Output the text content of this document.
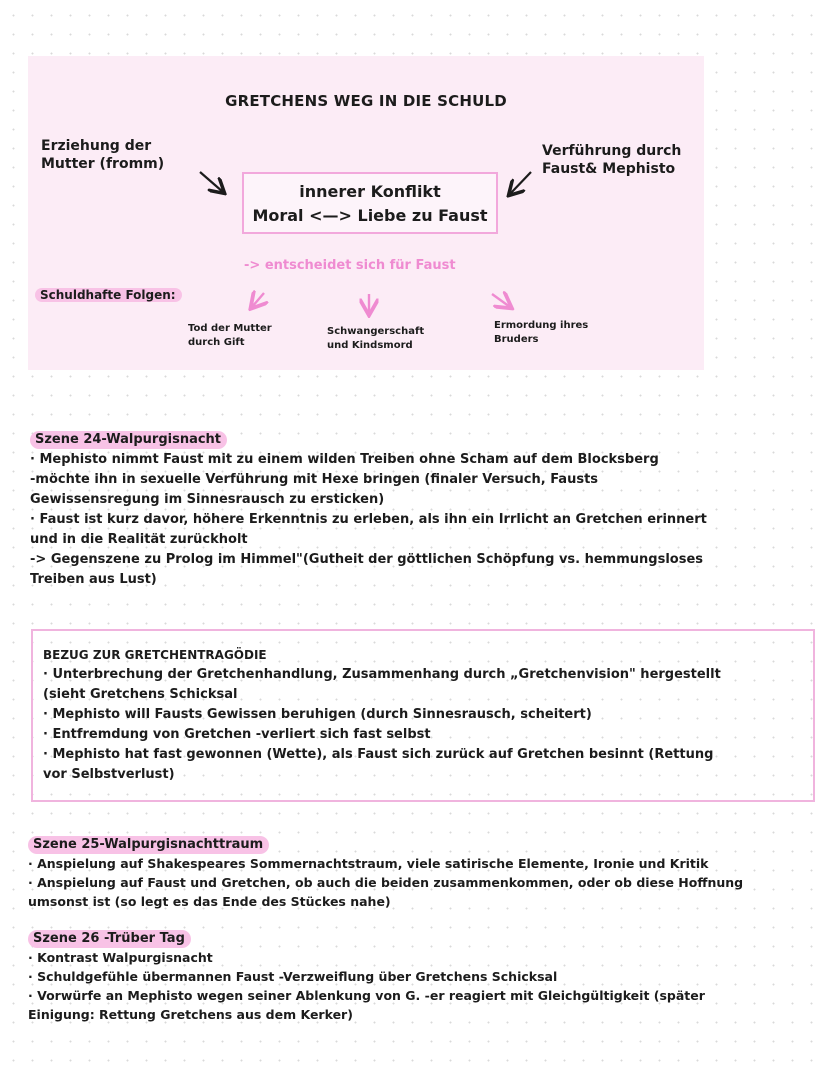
GRETCHENS WEG IN DIE SCHULD
Erziehung der
Mutter (fromm)
Verführung durch
Faust& Mephisto
innerer Konflikt
Moral <—> Liebe zu Faust
-> entscheidet sich für Faust
Schuldhafte Folgen:
Tod der Mutter
durch Gift
Schwangerschaft
und Kindsmord
Ermordung ihres
Bruders
Szene 24-Walpurgisnacht

· Mephisto nimmt Faust mit zu einem wilden Treiben ohne Scham auf dem Blocksberg

-möchte ihn in sexuelle Verführung mit Hexe bringen (finaler Versuch, Fausts

Gewissensregung im Sinnesrausch zu ersticken)

· Faust ist kurz davor, höhere Erkenntnis zu erleben, als ihn ein Irrlicht an Gretchen erinnert

und in die Realität zurückholt

-> Gegenszene zu Prolog im Himmel"(Gutheit der göttlichen Schöpfung vs. hemmungsloses

Treiben aus Lust)

BEZUG ZUR GRETCHENTRAGÖDIE

· Unterbrechung der Gretchenhandlung, Zusammenhang durch „Gretchenvision" hergestellt

(sieht Gretchens Schicksal

· Mephisto will Fausts Gewissen beruhigen (durch Sinnesrausch, scheitert)

· Entfremdung von Gretchen -verliert sich fast selbst

· Mephisto hat fast gewonnen (Wette), als Faust sich zurück auf Gretchen besinnt (Rettung

vor Selbstverlust)

Szene 25-Walpurgisnachttraum

· Anspielung auf Shakespeares Sommernachtstraum, viele satirische Elemente, Ironie und Kritik

· Anspielung auf Faust und Gretchen, ob auch die beiden zusammenkommen, oder ob diese Hoffnung

umsonst ist (so legt es das Ende des Stückes nahe)

Szene 26 -Trüber Tag

· Kontrast Walpurgisnacht

· Schuldgefühle übermannen Faust -Verzweiflung über Gretchens Schicksal

· Vorwürfe an Mephisto wegen seiner Ablenkung von G. -er reagiert mit Gleichgültigkeit (später

Einigung: Rettung Gretchens aus dem Kerker)
